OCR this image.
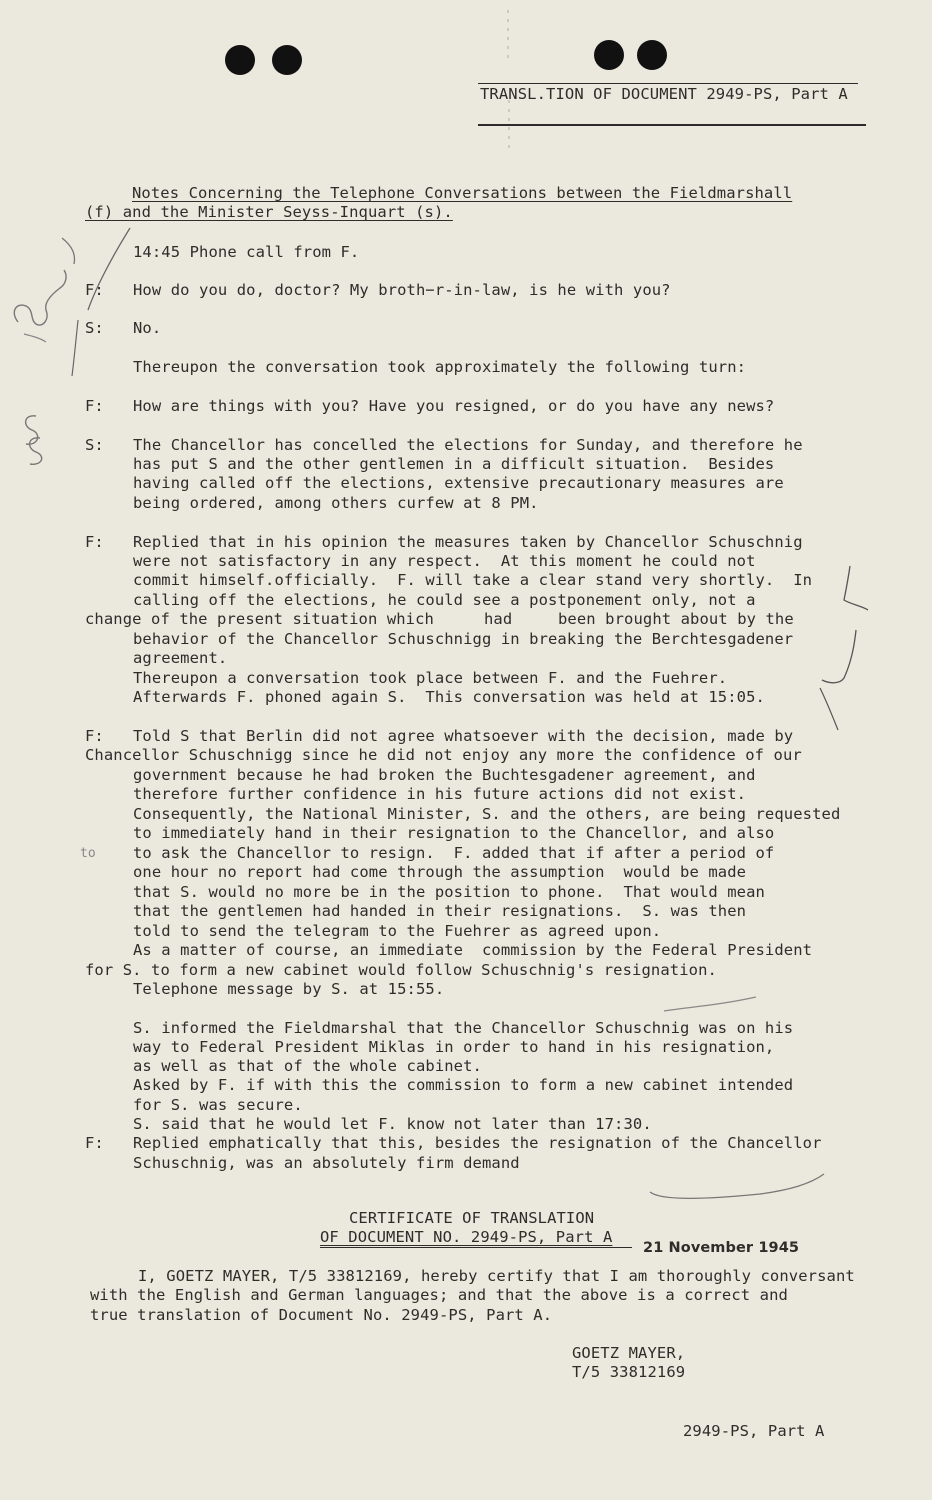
TRANSL.TION OF DOCUMENT 2949-PS, Part A
Notes Concerning the Telephone Conversations between the Fieldmarshall
(f) and the Minister Seyss-Inquart (s).
14:45 Phone call from F.
F: How do you do, doctor? My broth−r-in-law, is he with you?
S: No.
Thereupon the conversation took approximately the following turn:
F: How are things with you? Have you resigned, or do you have any news?
S: The Chancellor has concelled the elections for Sunday, and therefore he
has put S and the other gentlemen in a difficult situation.  Besides
having called off the elections, extensive precautionary measures are
being ordered, among others curfew at 8 PM.
F: Replied that in his opinion the measures taken by Chancellor Schuschnig
were not satisfactory in any respect.  At this moment he could not
commit himself.officially.  F. will take a clear stand very shortly.  In
calling off the elections, he could see a postponement only, not a
change of the present situation which	had	been brought about by the
behavior of the Chancellor Schuschnigg in breaking the Berchtesgadener
agreement.
Thereupon a conversation took place between F. and the Fuehrer.
Afterwards F. phoned again S.  This conversation was held at 15:05.
F: Told S that Berlin did not agree whatsoever with the decision, made by
Chancellor Schuschnigg since he did not enjoy any more the confidence of our
government because he had broken the Buchtesgadener agreement, and
therefore further confidence in his future actions did not exist.
Consequently, the National Minister, S. and the others, are being requested
to immediately hand in their resignation to the Chancellor, and also
to to ask the Chancellor to resign.  F. added that if after a period of
one hour no report had come through the assumption  would be made
that S. would no more be in the position to phone.  That would mean
that the gentlemen had handed in their resignations.  S. was then
told to send the telegram to the Fuehrer as agreed upon.
As a matter of course, an immediate  commission by the Federal President
for S. to form a new cabinet would follow Schuschnig's resignation.
Telephone message by S. at 15:55.
S. informed the Fieldmarshal that the Chancellor Schuschnig was on his
way to Federal President Miklas in order to hand in his resignation,
as well as that of the whole cabinet.
Asked by F. if with this the commission to form a new cabinet intended
for S. was secure.
S. said that he would let F. know not later than 17:30.
F: Replied emphatically that this, besides the resignation of the Chancellor
Schuschnig, was an absolutely firm demand
CERTIFICATE OF TRANSLATION
OF DOCUMENT NO. 2949-PS, Part A
21 November 1945
I, GOETZ MAYER, T/5 33812169, hereby certify that I am thoroughly conversant
with the English and German languages; and that the above is a correct and
true translation of Document No. 2949-PS, Part A.
GOETZ MAYER,
T/5 33812169
2949-PS, Part A
